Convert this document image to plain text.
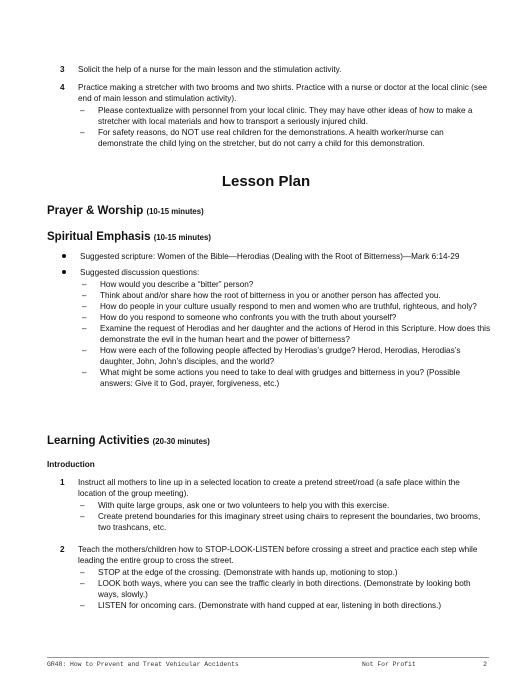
3	Solicit the help of a nurse for the main lesson and the stimulation activity.
4	Practice making a stretcher with two brooms and two shirts. Practice with a nurse or doctor at the local clinic (see end of main lesson and stimulation activity).
– Please contextualize with personnel from your local clinic. They may have other ideas of how to make a stretcher with local materials and how to transport a seriously injured child.
– For safety reasons, do NOT use real children for the demonstrations. A health worker/nurse can demonstrate the child lying on the stretcher, but do not carry a child for this demonstration.
Lesson Plan
Prayer & Worship (10-15 minutes)
Spiritual Emphasis (10-15 minutes)
Suggested scripture: Women of the Bible—Herodias (Dealing with the Root of Bitterness)—Mark 6:14-29
Suggested discussion questions:
– How would you describe a “bitter” person?
– Think about and/or share how the root of bitterness in you or another person has affected you.
– How do people in your culture usually respond to men and women who are truthful, righteous, and holy?
– How do you respond to someone who confronts you with the truth about yourself?
– Examine the request of Herodias and her daughter and the actions of Herod in this Scripture. How does this demonstrate the evil in the human heart and the power of bitterness?
– How were each of the following people affected by Herodias’s grudge? Herod, Herodias, Herodias’s daughter, John, John’s disciples, and the world?
– What might be some actions you need to take to deal with grudges and bitterness in you? (Possible answers: Give it to God, prayer, forgiveness, etc.)
Learning Activities (20-30 minutes)
Introduction
1	Instruct all mothers to line up in a selected location to create a pretend street/road (a safe place within the location of the group meeting).
– With quite large groups, ask one or two volunteers to help you with this exercise.
– Create pretend boundaries for this imaginary street using chairs to represent the boundaries, two brooms, two trashcans, etc.
2	Teach the mothers/children how to STOP-LOOK-LISTEN before crossing a street and practice each step while leading the entire group to cross the street.
– STOP at the edge of the crossing. (Demonstrate with hands up, motioning to stop.)
– LOOK both ways, where you can see the traffic clearly in both directions. (Demonstrate by looking both ways, slowly.)
– LISTEN for oncoming cars. (Demonstrate with hand cupped at ear, listening in both directions.)
GR48: How to Prevent and Treat Vehicular Accidents	Not For Profit	2
